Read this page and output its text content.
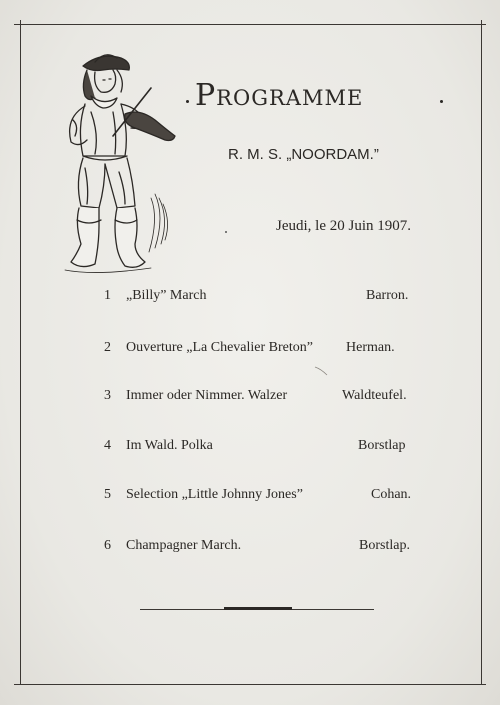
Programme
R. M. S. „NOORDAM.”
Jeudi, le 20 Juin 1907.
1 „Billy” March	Barron.
2 Ouverture „La Chevalier Breton” Herman.
3 Immer oder Nimmer. Walzer	Waldteufel.
4 Im Wald. Polka	Borstlap
5 Selection „Little Johnny Jones”	Cohan.
6 Champagner March.	Borstlap.
